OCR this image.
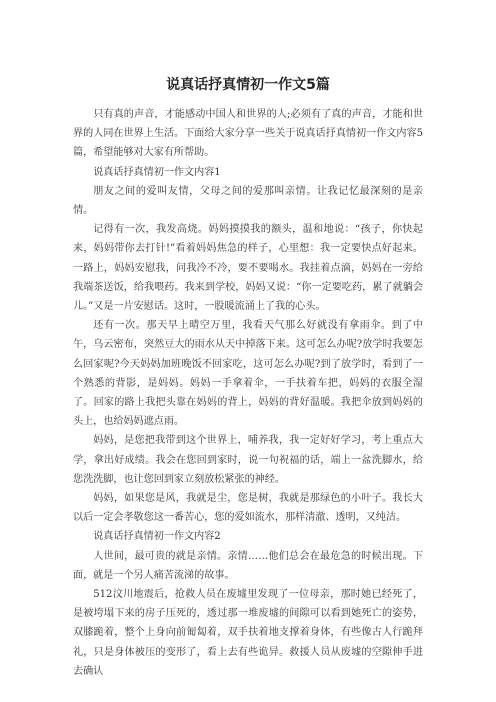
说真话抒真情初一作文5篇

只有真的声音，才能感动中国人和世界的人;必须有了真的声音，才能和世界的人同在世界上生活。下面给大家分享一些关于说真话抒真情初一作文内容5篇，希望能够对大家有所帮助。

说真话抒真情初一作文内容1

朋友之间的爱叫友情，父母之间的爱那叫亲情。让我记忆最深刻的是亲情。

记得有一次，我发高烧。妈妈摸摸我的额头，温和地说：“孩子，你快起来，妈妈带你去打针!”看着妈妈焦急的样子，心里想：我一定要快点好起来。一路上，妈妈安慰我，问我冷不冷，要不要喝水。我挂着点滴，妈妈在一旁给我端茶送饭，给我喂药。我来到学校，妈妈又说：“你一定要吃药，累了就躺会儿。”又是一片安慰话。这时，一股暖流涌上了我的心头。

还有一次。那天早上晴空万里，我看天气那么好就没有拿雨伞。到了中午，乌云密布，突然豆大的雨水从天中掉落下来。这可怎么办呢?放学时我要怎么回家呢?今天妈妈加班晚饭不回家吃，这可怎么办呢?到了放学时，看到了一个熟悉的背影，是妈妈。妈妈一手拿着伞，一手扶着车把，妈妈的衣服全湿了。回家的路上我把头靠在妈妈的背上，妈妈的背好温暖。我把伞放到妈妈的头上，也给妈妈遮点雨。

妈妈，是您把我带到这个世界上，哺养我，我一定好好学习，考上重点大学，拿出好成绩。我会在您回到家时，说一句祝福的话，端上一盆洗脚水，给您洗洗脚，也让您回到家立刻放松紧张的神经。

妈妈，如果您是风，我就是尘，您是树，我就是那绿色的小叶子。我长大以后一定会孝敬您这一番苦心，您的爱如流水，那样清澈、透明，又纯洁。

说真话抒真情初一作文内容2

人世间，最可贵的就是亲情。亲情……他们总会在最危急的时候出现。下面，就是一个另人痛苦流涕的故事。

512汶川地震后，抢救人员在废墟里发现了一位母亲，那时她已经死了，是被垮塌下来的房子压死的，透过那一堆废墟的间隙可以看到她死亡的姿势，双膝跪着，整个上身向前匍匐着，双手扶着地支撑着身体，有些像古人行跪拜礼，只是身体被压的变形了，看上去有些诡异。救援人员从废墟的空隙伸手进去确认
